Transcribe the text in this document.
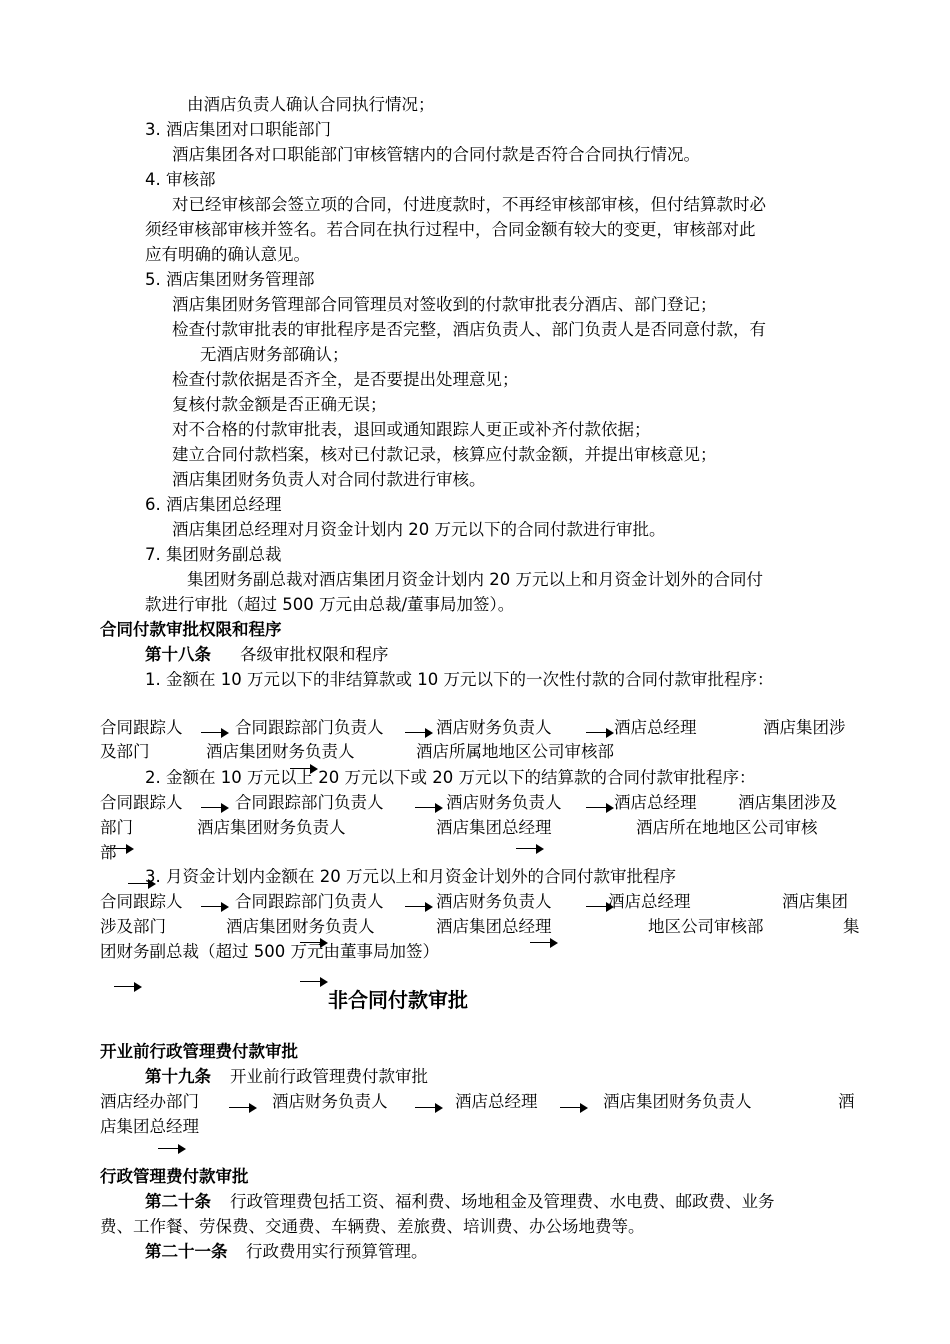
由酒店负责人确认合同执行情况；
3. 酒店集团对口职能部门
酒店集团各对口职能部门审核管辖内的合同付款是否符合合同执行情况。
4. 审核部
对已经审核部会签立项的合同，付进度款时，不再经审核部审核，但付结算款时必
须经审核部审核并签名。若合同在执行过程中，合同金额有较大的变更，审核部对此
应有明确的确认意见。
5. 酒店集团财务管理部
酒店集团财务管理部合同管理员对签收到的付款审批表分酒店、部门登记；
检查付款审批表的审批程序是否完整，酒店负责人、部门负责人是否同意付款，有
无酒店财务部确认；
检查付款依据是否齐全，是否要提出处理意见；
复核付款金额是否正确无误；
对不合格的付款审批表，退回或通知跟踪人更正或补齐付款依据；
建立合同付款档案，核对已付款记录，核算应付款金额，并提出审核意见；
酒店集团财务负责人对合同付款进行审核。
6. 酒店集团总经理
酒店集团总经理对月资金计划内 20 万元以下的合同付款进行审批。
7. 集团财务副总裁
集团财务副总裁对酒店集团月资金计划内 20 万元以上和月资金计划外的合同付
款进行审批（超过 500 万元由总裁/董事局加签）。
合同付款审批权限和程序
第十八条 各级审批权限和程序
1. 金额在 10 万元以下的非结算款或 10 万元以下的一次性付款的合同付款审批程序：
合同跟踪人	合同跟踪部门负责人	酒店财务负责人	酒店总经理	酒店集团涉
及部门	酒店集团财务负责人	酒店所属地地区公司审核部
2. 金额在 10 万元以上 20 万元以下或 20 万元以下的结算款的合同付款审批程序：
合同跟踪人	合同跟踪部门负责人	酒店财务负责人	酒店总经理	酒店集团涉及
部门	酒店集团财务负责人	酒店集团总经理	酒店所在地地区公司审核
部
3. 月资金计划内金额在 20 万元以上和月资金计划外的合同付款审批程序
合同跟踪人	合同跟踪部门负责人	酒店财务负责人	酒店总经理	酒店集团
涉及部门	酒店集团财务负责人	酒店集团总经理	地区公司审核部	集
团财务副总裁（超过 500 万元由董事局加签）
非合同付款审批
开业前行政管理费付款审批
第十九条 开业前行政管理费付款审批
酒店经办部门	酒店财务负责人	酒店总经理	酒店集团财务负责人	酒
店集团总经理
行政管理费付款审批
第二十条 行政管理费包括工资、福利费、场地租金及管理费、水电费、邮政费、业务
费、工作餐、劳保费、交通费、车辆费、差旅费、培训费、办公场地费等。
第二十一条 行政费用实行预算管理。
